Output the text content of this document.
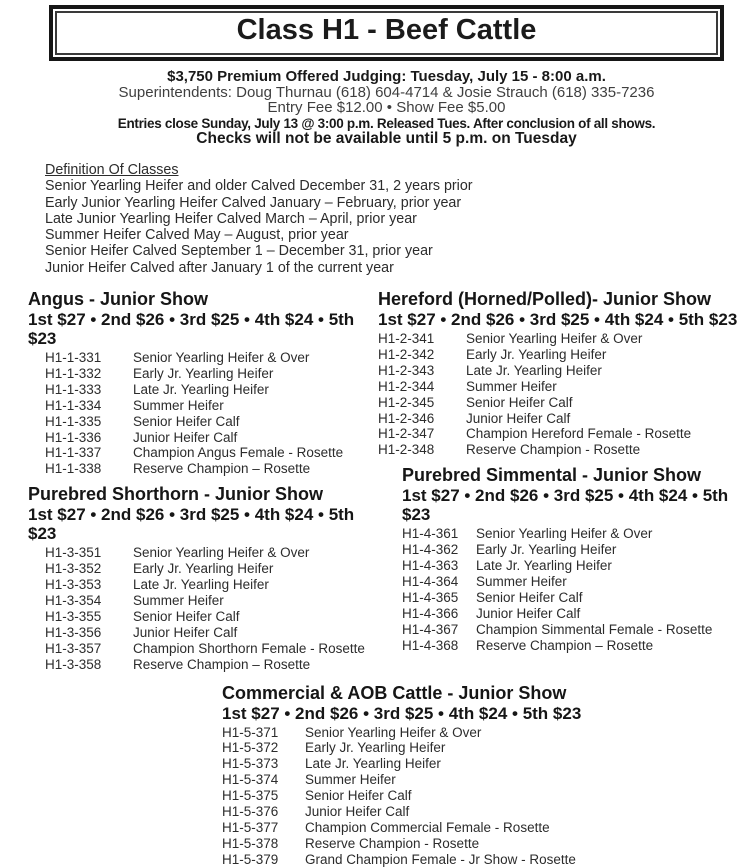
Class H1 - Beef Cattle

$3,750 Premium Offered Judging: Tuesday, July 15 - 8:00 a.m.

Superintendents: Doug Thurnau (618) 604-4714 & Josie Strauch (618) 335-7236

Entry Fee $12.00 • Show Fee $5.00

Entries close Sunday, July 13 @ 3:00 p.m. Released Tues. After conclusion of all shows.

Checks will not be available until 5 p.m. on Tuesday

Definition Of Classes
Senior Yearling Heifer and older Calved December 31, 2 years prior
Early Junior Yearling Heifer Calved January – February, prior year
Late Junior Yearling Heifer Calved March – April, prior year
Summer Heifer Calved May – August, prior year
Senior Heifer Calved September 1 – December 31, prior year
Junior Heifer Calved after January 1 of the current year
Angus - Junior Show
1st $27 • 2nd $26 • 3rd $25 • 4th $24 • 5th $23
H1-1-331	Senior Yearling Heifer & Over
H1-1-332	Early Jr. Yearling Heifer
H1-1-333	Late Jr. Yearling Heifer
H1-1-334	Summer Heifer
H1-1-335	Senior Heifer Calf
H1-1-336	Junior Heifer Calf
H1-1-337	Champion Angus Female - Rosette
H1-1-338	Reserve Champion – Rosette
Purebred Shorthorn - Junior Show
1st $27 • 2nd $26 • 3rd $25 • 4th $24 • 5th $23
H1-3-351	Senior Yearling Heifer & Over
H1-3-352	Early Jr. Yearling Heifer
H1-3-353	Late Jr. Yearling Heifer
H1-3-354	Summer Heifer
H1-3-355	Senior Heifer Calf
H1-3-356	Junior Heifer Calf
H1-3-357	Champion Shorthorn Female - Rosette
H1-3-358	Reserve Champion – Rosette
Hereford (Horned/Polled)- Junior Show
1st $27 • 2nd $26 • 3rd $25 • 4th $24 • 5th $23
H1-2-341	Senior Yearling Heifer & Over
H1-2-342	Early Jr. Yearling Heifer
H1-2-343	Late Jr. Yearling Heifer
H1-2-344	Summer Heifer
H1-2-345	Senior Heifer Calf
H1-2-346	Junior Heifer Calf
H1-2-347	Champion Hereford Female - Rosette
H1-2-348	Reserve Champion - Rosette
Purebred Simmental - Junior Show
1st $27 • 2nd $26 • 3rd $25 • 4th $24 • 5th $23
H1-4-361	Senior Yearling Heifer & Over
H1-4-362	Early Jr. Yearling Heifer
H1-4-363	Late Jr. Yearling Heifer
H1-4-364	Summer Heifer
H1-4-365	Senior Heifer Calf
H1-4-366	Junior Heifer Calf
H1-4-367	Champion Simmental Female - Rosette
H1-4-368	Reserve Champion – Rosette
Commercial & AOB Cattle - Junior Show
1st $27 • 2nd $26 • 3rd $25 • 4th $24 • 5th $23
H1-5-371	Senior Yearling Heifer & Over
H1-5-372	Early Jr. Yearling Heifer
H1-5-373	Late Jr. Yearling Heifer
H1-5-374	Summer Heifer
H1-5-375	Senior Heifer Calf
H1-5-376	Junior Heifer Calf
H1-5-377	Champion Commercial Female - Rosette
H1-5-378	Reserve Champion - Rosette
H1-5-379	Grand Champion Female - Jr Show - Rosette
